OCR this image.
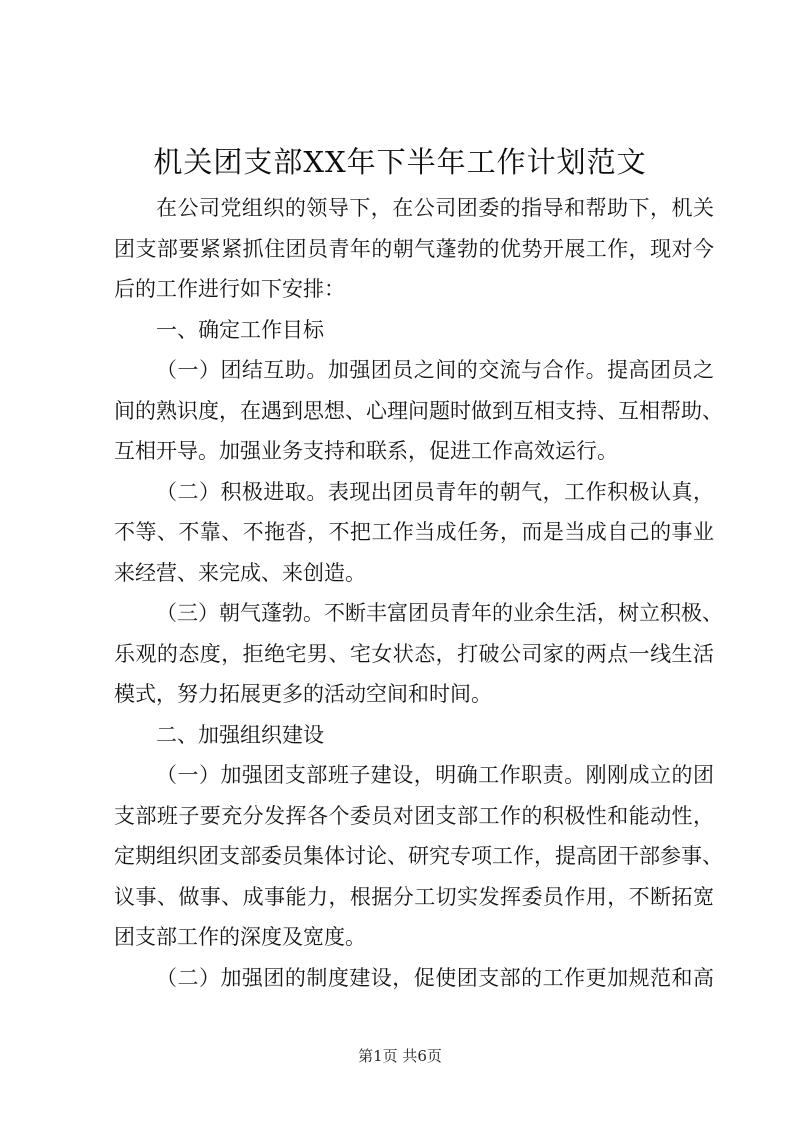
机关团支部XX年下半年工作计划范文
在公司党组织的领导下，在公司团委的指导和帮助下，机关
团支部要紧紧抓住团员青年的朝气蓬勃的优势开展工作，现对今
后的工作进行如下安排：
一、确定工作目标
（一）团结互助。加强团员之间的交流与合作。提高团员之
间的熟识度，在遇到思想、心理问题时做到互相支持、互相帮助、
互相开导。加强业务支持和联系，促进工作高效运行。
（二）积极进取。表现出团员青年的朝气，工作积极认真，
不等、不靠、不拖沓，不把工作当成任务，而是当成自己的事业
来经营、来完成、来创造。
（三）朝气蓬勃。不断丰富团员青年的业余生活，树立积极、
乐观的态度，拒绝宅男、宅女状态，打破公司家的两点一线生活
模式，努力拓展更多的活动空间和时间。
二、加强组织建设
（一）加强团支部班子建设，明确工作职责。刚刚成立的团
支部班子要充分发挥各个委员对团支部工作的积极性和能动性，
定期组织团支部委员集体讨论、研究专项工作，提高团干部参事、
议事、做事、成事能力，根据分工切实发挥委员作用，不断拓宽
团支部工作的深度及宽度。
（二）加强团的制度建设，促使团支部的工作更加规范和高
第1页 共6页
